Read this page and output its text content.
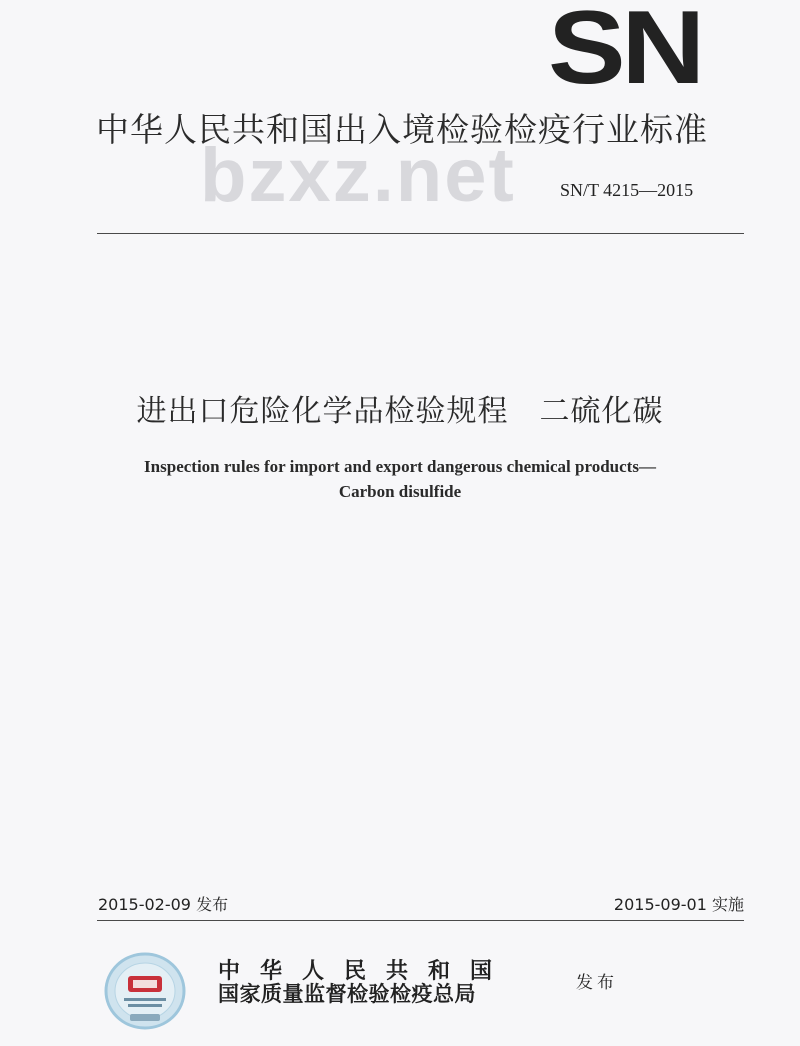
SN
中华人民共和国出入境检验检疫行业标准
bzxz.net SN/T 4215—2015
进出口危险化学品检验规程　二硫化碳
Inspection rules for import and export dangerous chemical products—
Carbon disulfide
2015-02-09 发布	2015-09-01 实施
中华人民共和国
国家质量监督检验检疫总局	发布
